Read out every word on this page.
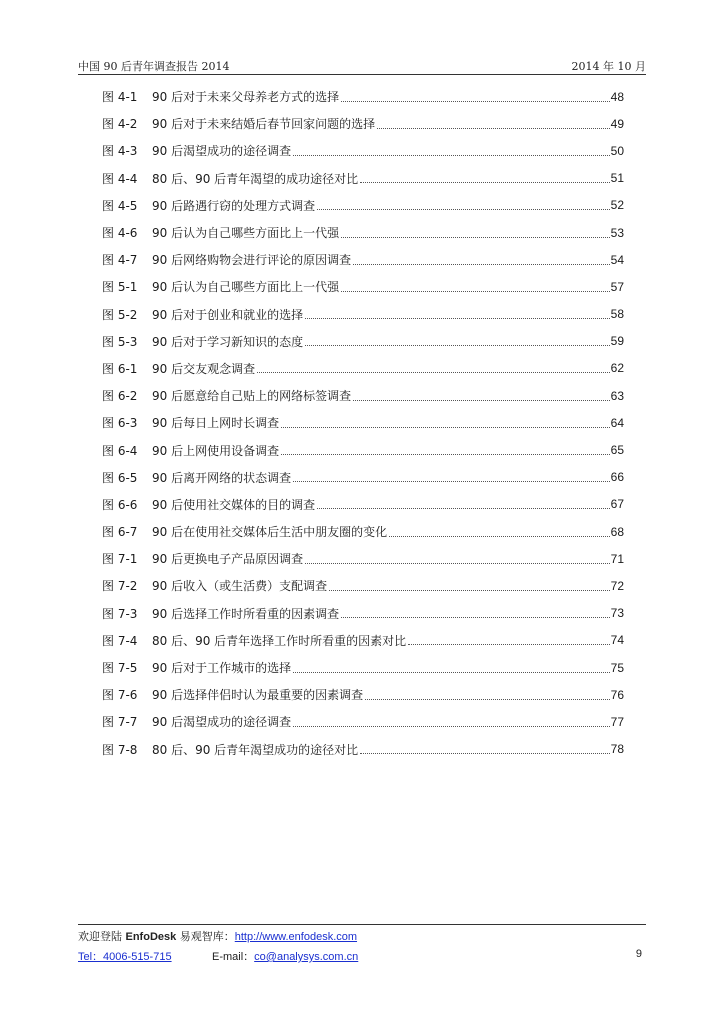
中国 90 后青年调查报告 2014	2014 年 10 月
图 4-1	90 后对于未来父母养老方式的选择	48
图 4-2	90 后对于未来结婚后春节回家问题的选择	49
图 4-3	90 后渴望成功的途径调查	50
图 4-4	80 后、90 后青年渴望的成功途径对比	51
图 4-5	90 后路遇行窃的处理方式调查	52
图 4-6	90 后认为自己哪些方面比上一代强	53
图 4-7	90 后网络购物会进行评论的原因调查	54
图 5-1	90 后认为自己哪些方面比上一代强	57
图 5-2	90 后对于创业和就业的选择	58
图 5-3	90 后对于学习新知识的态度	59
图 6-1	90 后交友观念调查	62
图 6-2	90 后愿意给自己贴上的网络标签调查	63
图 6-3	90 后每日上网时长调查	64
图 6-4	90 后上网使用设备调查	65
图 6-5	90 后离开网络的状态调查	66
图 6-6	90 后使用社交媒体的目的调查	67
图 6-7	90 后在使用社交媒体后生活中朋友圈的变化	68
图 7-1	90 后更换电子产品原因调查	71
图 7-2	90 后收入（或生活费）支配调查	72
图 7-3	90 后选择工作时所看重的因素调查	73
图 7-4	80 后、90 后青年选择工作时所看重的因素对比	74
图 7-5	90 后对于工作城市的选择	75
图 7-6	90 后选择伴侣时认为最重要的因素调查	76
图 7-7	90 后渴望成功的途径调查	77
图 7-8	80 后、90 后青年渴望成功的途径对比	78
欢迎登陆 EnfoDesk 易观智库：http://www.enfodesk.com
Tel：4006-515-715	E-mail：co@analysys.com.cn	9
